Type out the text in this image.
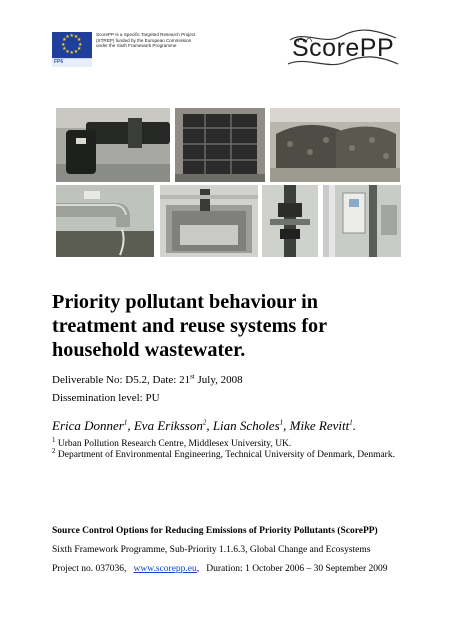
★
★
★
★
★
★
★
★
★ ★ ★
★
FP6
ScorePP is a Specific Targeted Research Project (STREP) funded by the European Commission under the Sixth Framework Programme	ScorePP
Priority pollutant behaviour in treatment and reuse systems for household wastewater.
Deliverable No: D5.2, Date: 21st July, 2008
Dissemination level: PU
Erica Donner$^1$, Eva Eriksson$^2$, Lian Scholes$^1$, Mike Revitt$^1$.
$^1$ Urban Pollution Research Centre, Middlesex University, UK.
$^2$ Department of Environmental Engineering, Technical University of Denmark, Denmark.
Source Control Options for Reducing Emissions of Priority Pollutants (ScorePP)
Sixth Framework Programme, Sub-Priority 1.1.6.3, Global Change and Ecosystems
Project no. 037036, www.scorepp.eu,   Duration: 1 October 2006 – 30 September 2009
